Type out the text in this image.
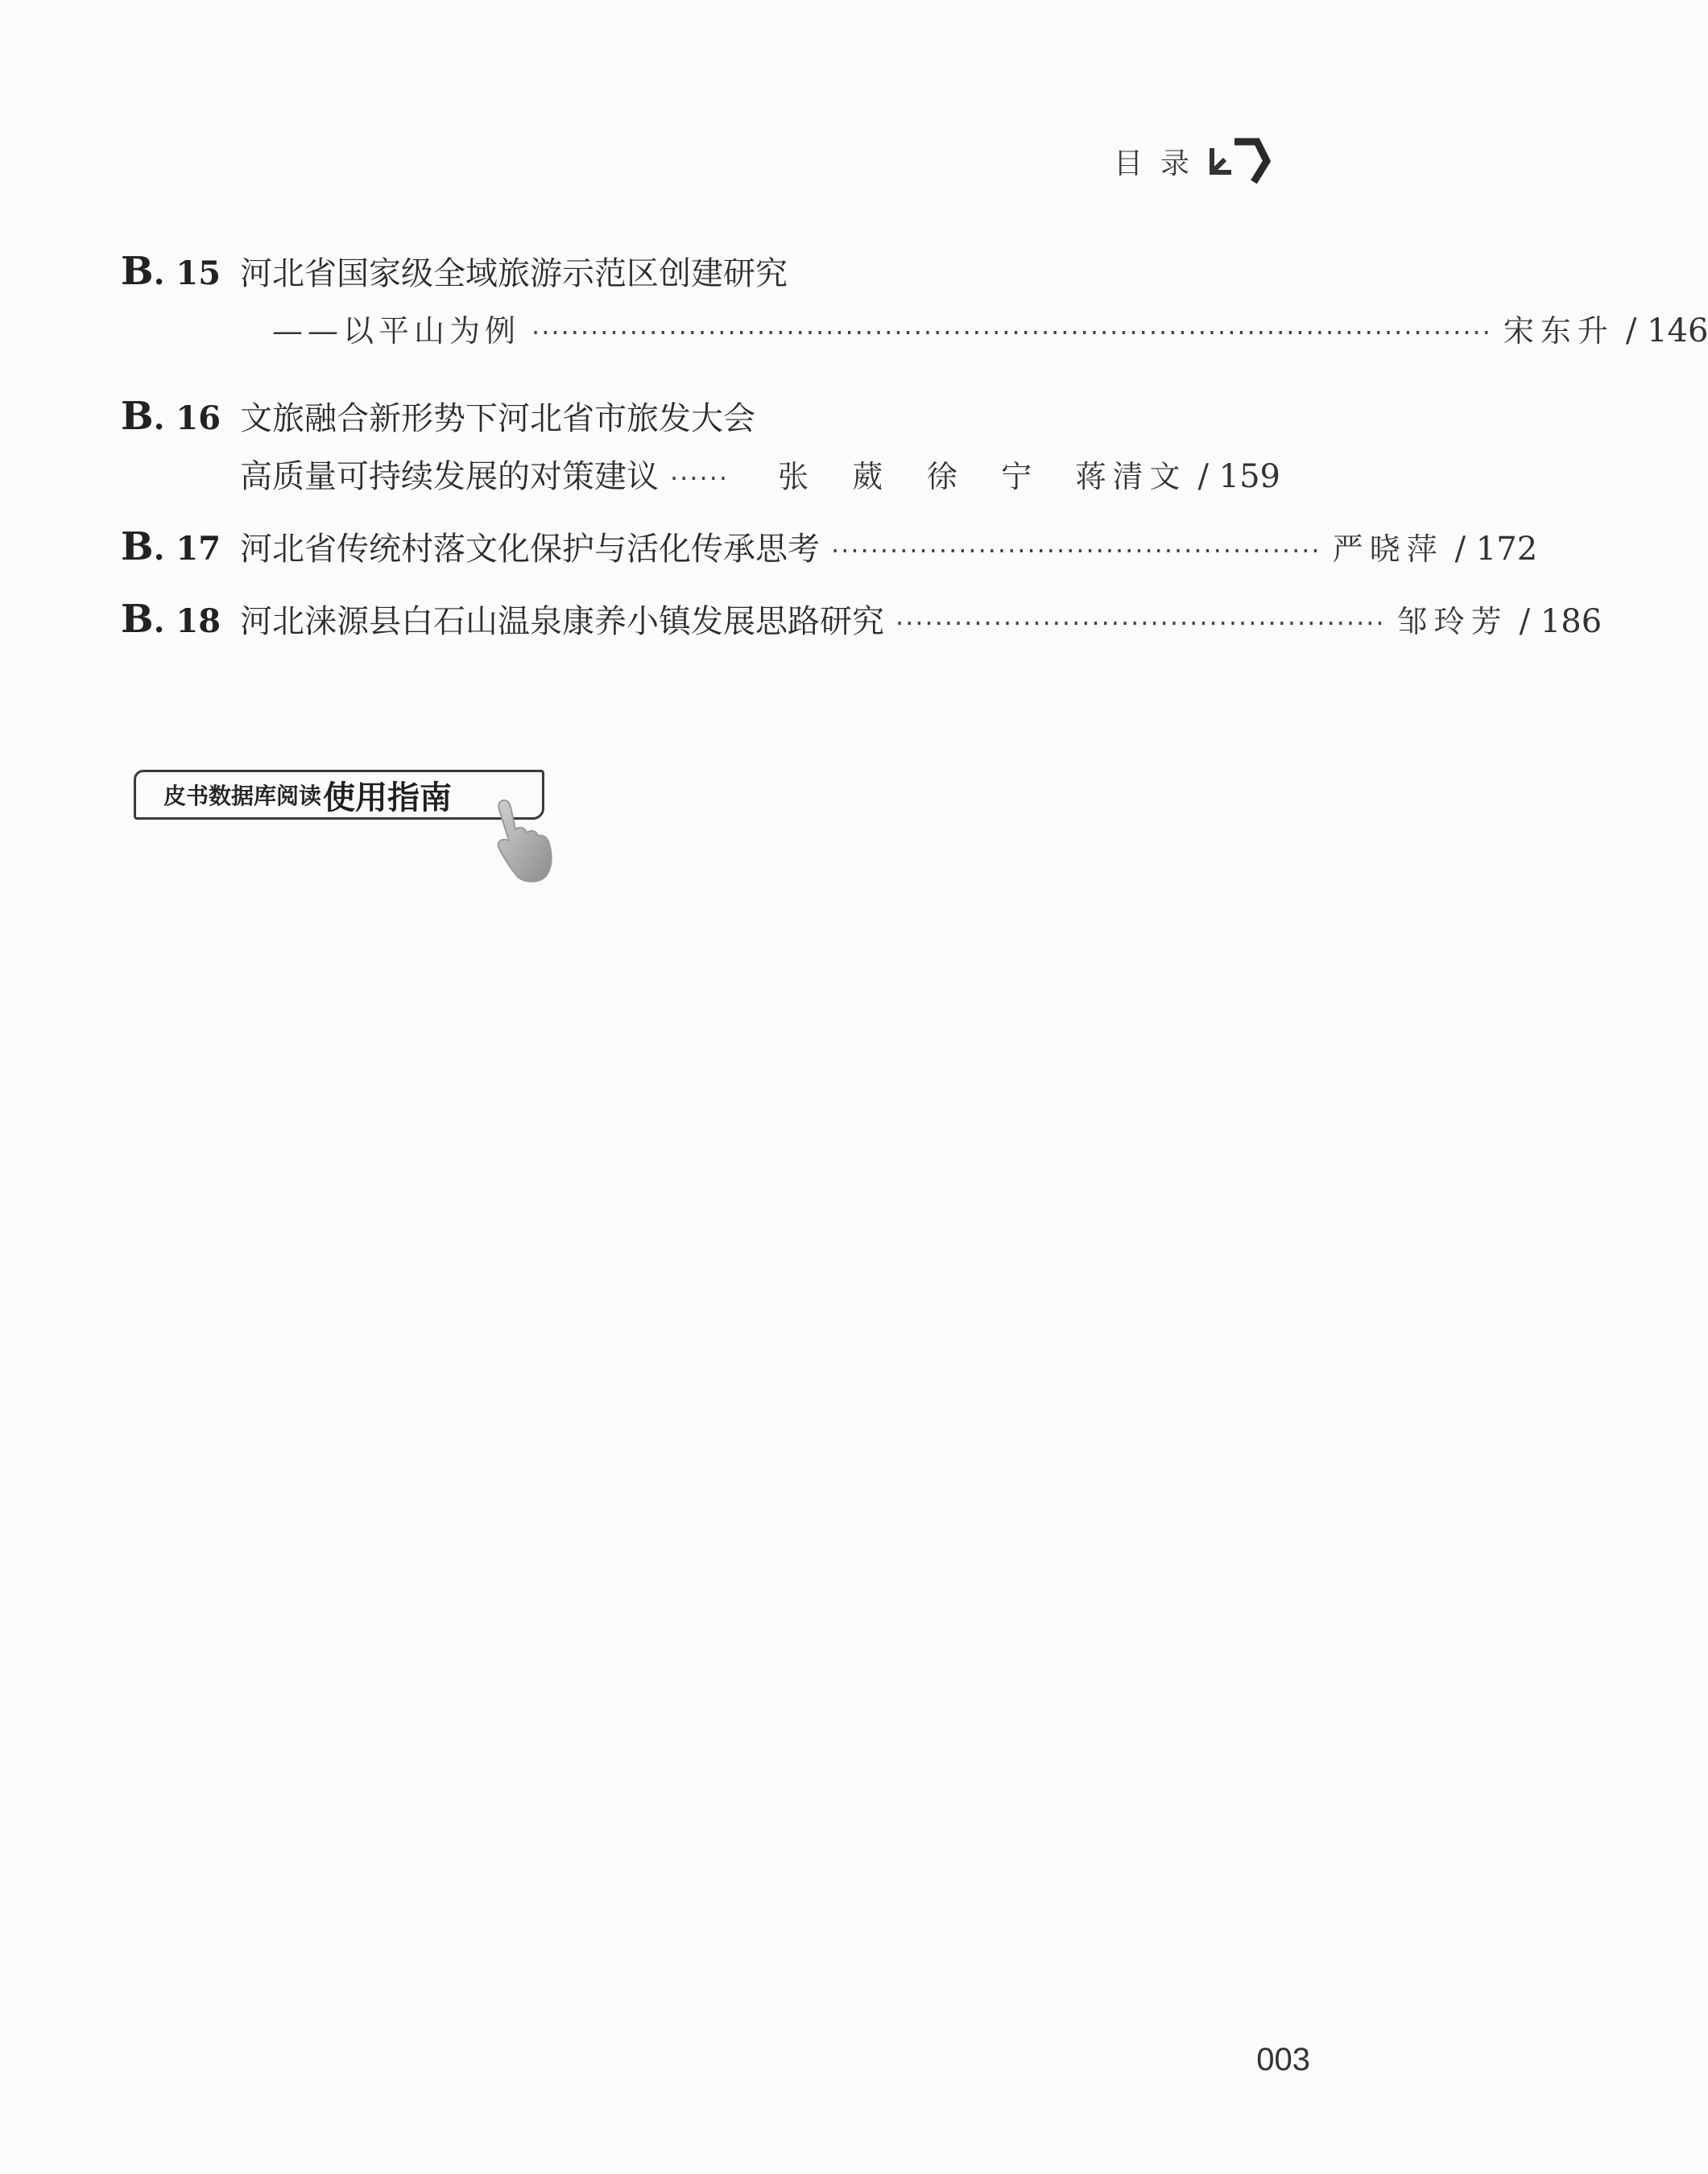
目录
B. 15 河北省国家级全域旅游示范区创建研究
——以平山为例 ·································································································· 宋东升 / 146
B. 16 文旅融合新形势下河北省市旅发大会
高质量可持续发展的对策建议 ······	张 葳 徐 宁 蒋清文 / 159
B. 17 河北省传统村落文化保护与活化传承思考 ·················································· 严晓萍 / 172
B. 18 河北涞源县白石山温泉康养小镇发展思路研究 ·················································· 邹玲芳 / 186
皮书数据库阅读 使用指南
003
